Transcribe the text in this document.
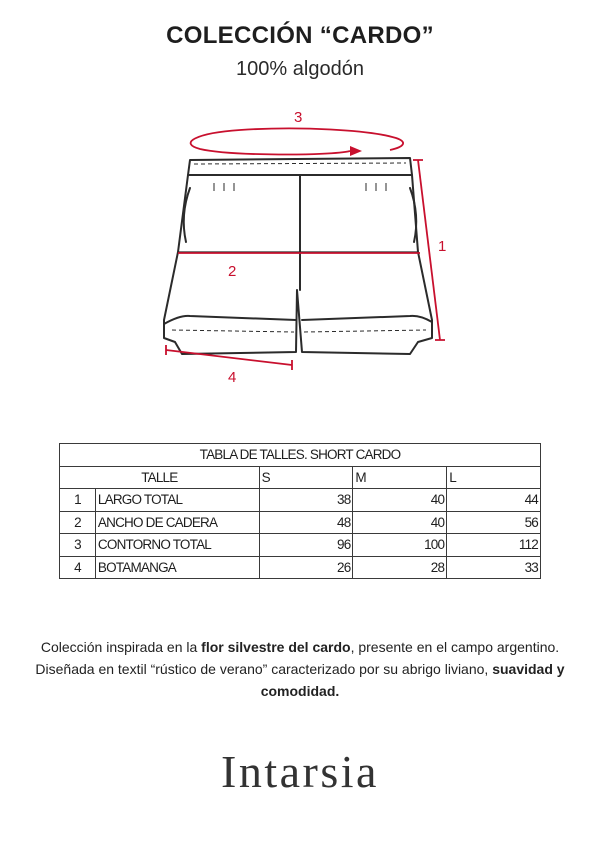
COLECCIÓN “CARDO”
100% algodón
3
2
1
4
TABLA DE TALLES. SHORT CARDO				
TALLE		S	M	L
1	LARGO TOTAL	38	40	44
2	ANCHO DE CADERA	48	40	56
3	CONTORNO TOTAL	96	100	112
4	BOTAMANGA	26	28	33
Colección inspirada en la flor silvestre del cardo, presente en el campo argentino. Diseñada en textil “rústico de verano” caracterizado por su abrigo liviano, suavidad y comodidad.
Intarsia
